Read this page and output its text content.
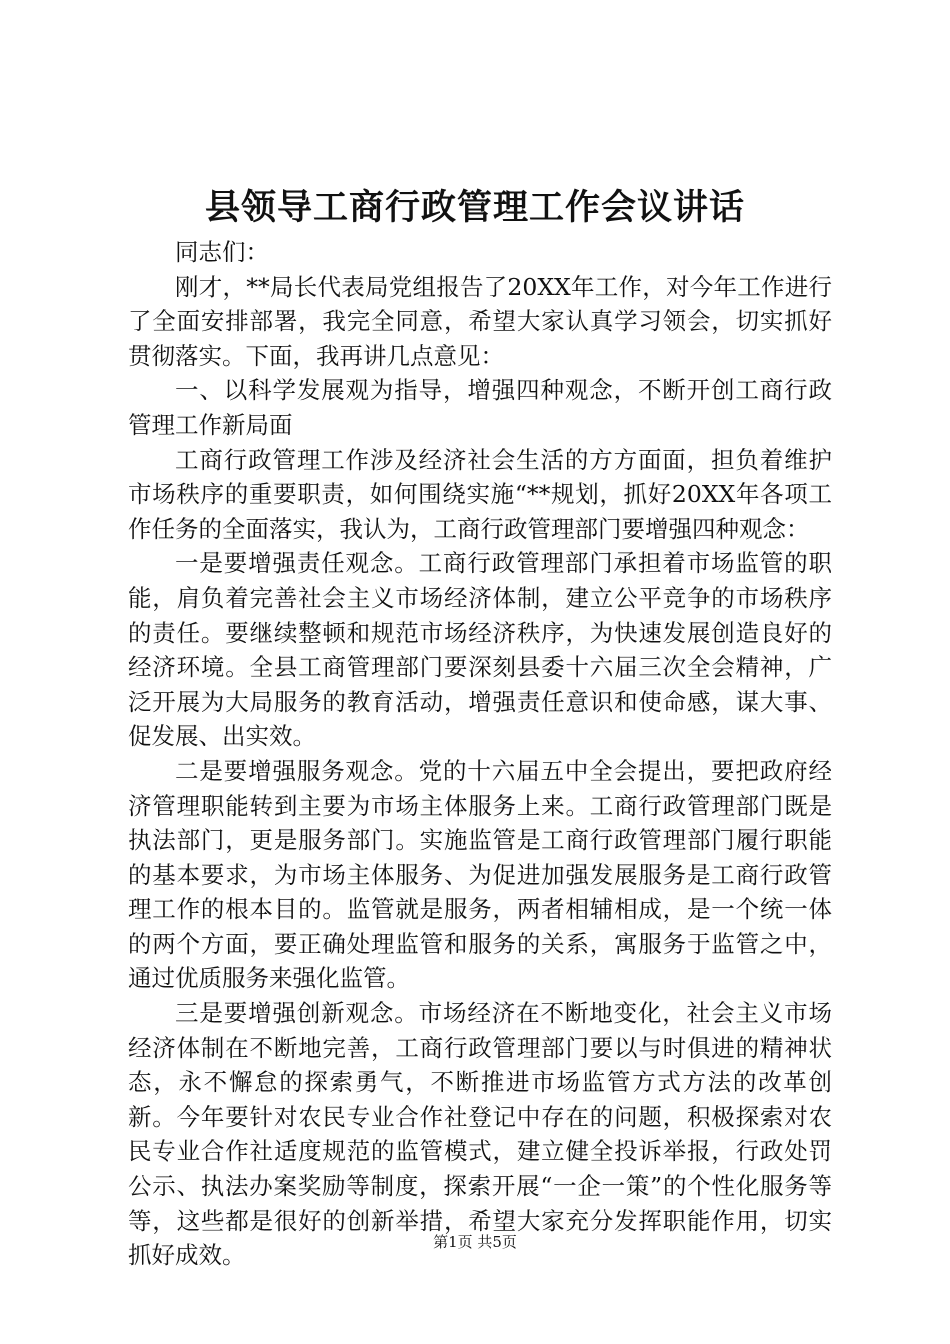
县领导工商行政管理工作会议讲话

同志们：

刚才，**局长代表局党组报告了20XX年工作，对今年工作进行了全面安排部署，我完全同意，希望大家认真学习领会，切实抓好贯彻落实。下面，我再讲几点意见：

一、以科学发展观为指导，增强四种观念，不断开创工商行政管理工作新局面

工商行政管理工作涉及经济社会生活的方方面面，担负着维护市场秩序的重要职责，如何围绕实施“**规划，抓好20XX年各项工作任务的全面落实，我认为，工商行政管理部门要增强四种观念：

一是要增强责任观念。工商行政管理部门承担着市场监管的职能，肩负着完善社会主义市场经济体制，建立公平竞争的市场秩序的责任。要继续整顿和规范市场经济秩序，为快速发展创造良好的经济环境。全县工商管理部门要深刻县委十六届三次全会精神，广泛开展为大局服务的教育活动，增强责任意识和使命感，谋大事、促发展、出实效。

二是要增强服务观念。党的十六届五中全会提出，要把政府经济管理职能转到主要为市场主体服务上来。工商行政管理部门既是执法部门，更是服务部门。实施监管是工商行政管理部门履行职能的基本要求，为市场主体服务、为促进加强发展服务是工商行政管理工作的根本目的。监管就是服务，两者相辅相成，是一个统一体的两个方面，要正确处理监管和服务的关系，寓服务于监管之中，通过优质服务来强化监管。

三是要增强创新观念。市场经济在不断地变化，社会主义市场经济体制在不断地完善，工商行政管理部门要以与时俱进的精神状态，永不懈怠的探索勇气，不断推进市场监管方式方法的改革创新。今年要针对农民专业合作社登记中存在的问题，积极探索对农民专业合作社适度规范的监管模式，建立健全投诉举报，行政处罚公示、执法办案奖励等制度，探索开展“一企一策”的个性化服务等等，这些都是很好的创新举措，希望大家充分发挥职能作用，切实抓好成效。	第1页 共5页
